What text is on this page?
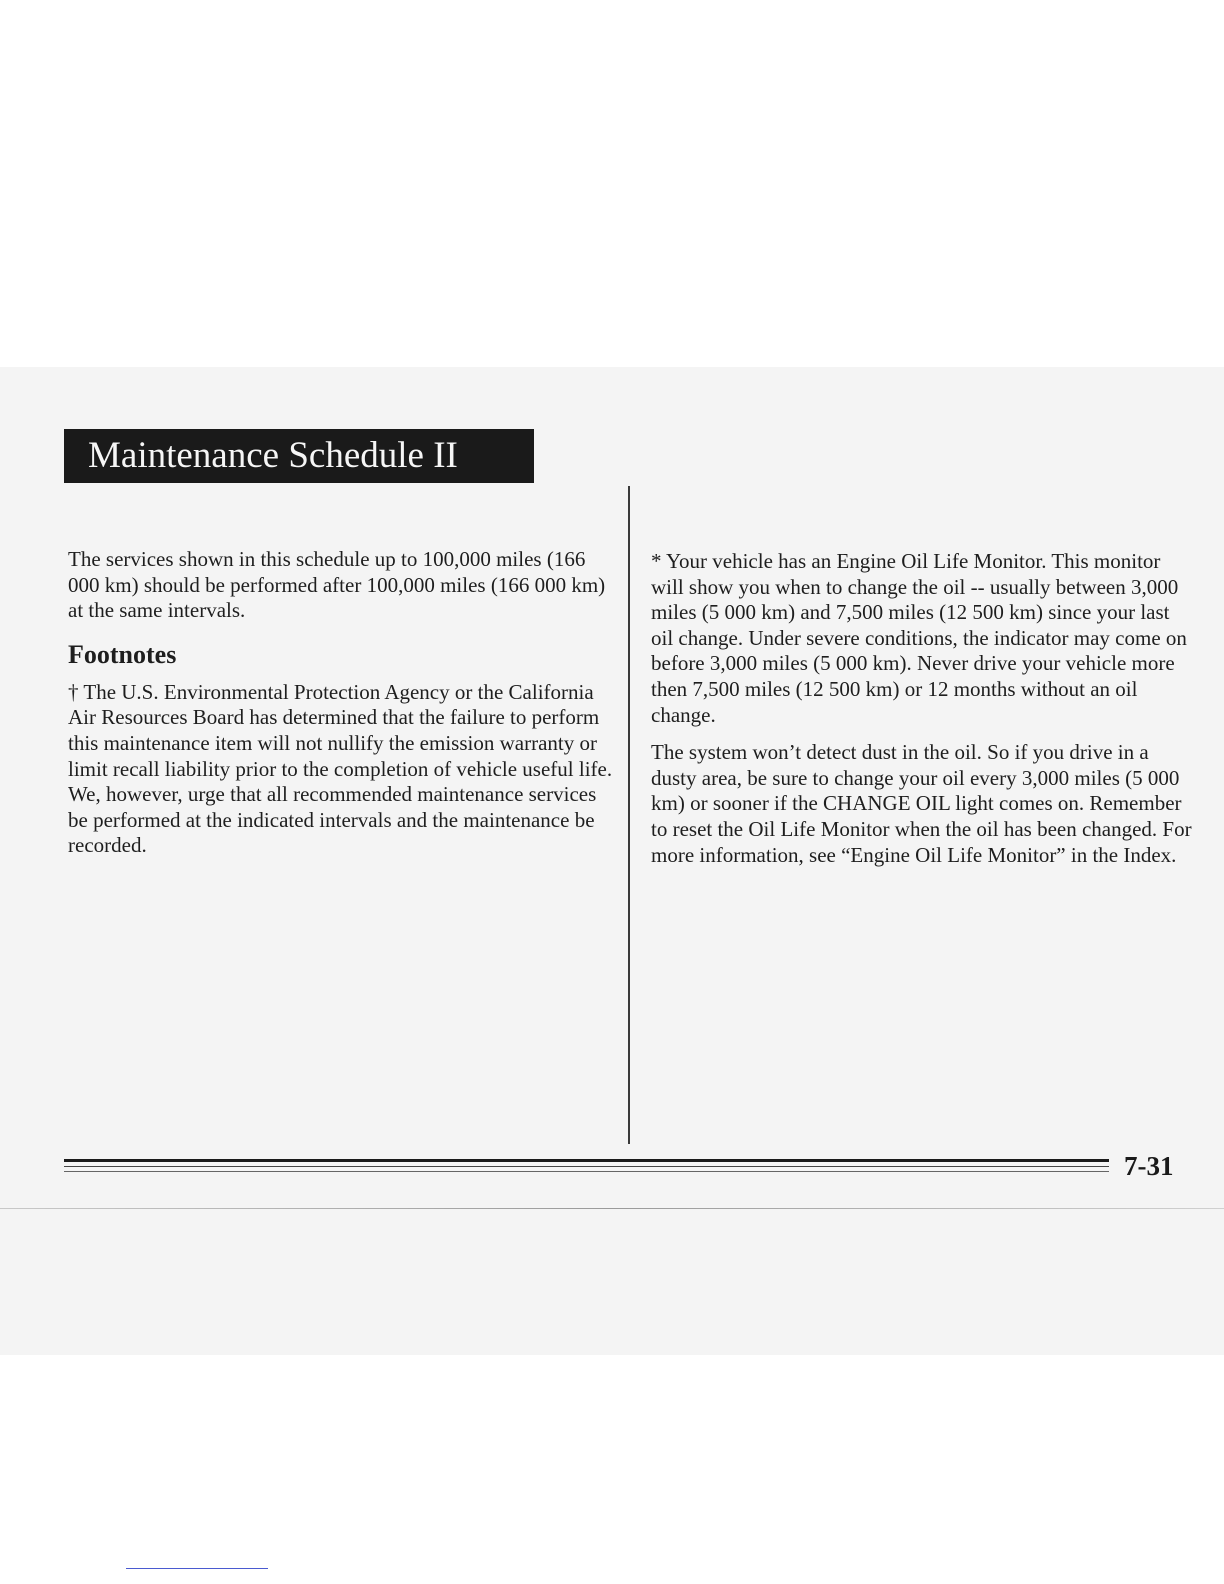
Maintenance Schedule II

The services shown in this schedule up to 100,000 miles (166 000 km) should be performed after 100,000 miles (166 000 km) at the same intervals.

Footnotes

† The U.S. Environmental Protection Agency or the California Air Resources Board has determined that the failure to perform this maintenance item will not nullify the emission warranty or limit recall liability prior to the completion of vehicle useful life. We, however, urge that all recommended maintenance services be performed at the indicated intervals and the maintenance be recorded.

* Your vehicle has an Engine Oil Life Monitor. This monitor will show you when to change the oil -- usually between 3,000 miles (5 000 km) and 7,500 miles (12 500 km) since your last oil change. Under severe conditions, the indicator may come on before 3,000 miles (5 000 km). Never drive your vehicle more then 7,500 miles (12 500 km) or 12 months without an oil change.

The system won’t detect dust in the oil. So if you drive in a dusty area, be sure to change your oil every 3,000 miles (5 000 km) or sooner if the CHANGE OIL light comes on. Remember to reset the Oil Life Monitor when the oil has been changed. For more information, see “Engine Oil Life Monitor” in the Index.

7-31
